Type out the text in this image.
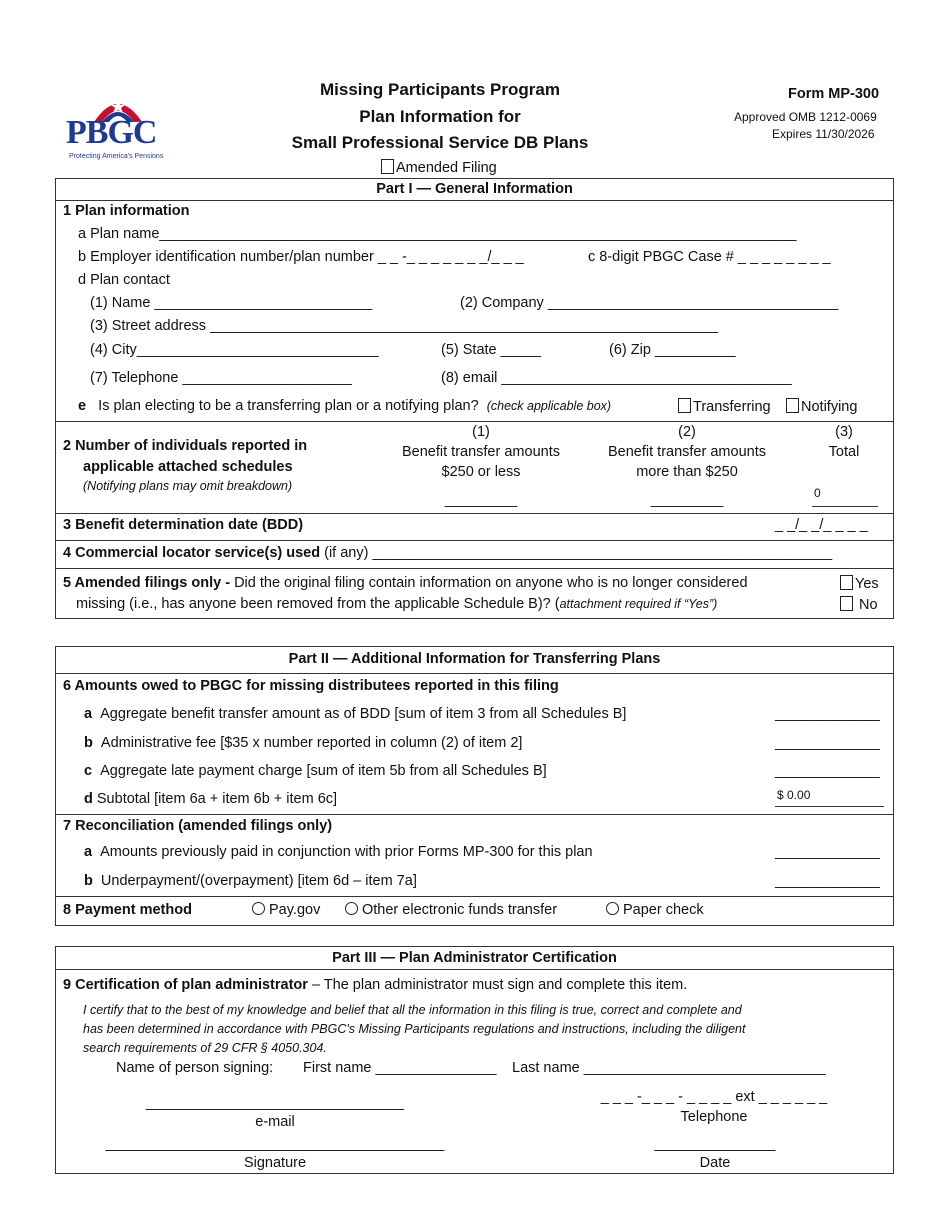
PBGC
Protecting America's Pensions
Missing Participants Program
Plan Information for
Small Professional Service DB Plans
Amended Filing
Form MP-300
Approved OMB 1212-0069
Expires 11/30/2026
Part I — General Information
1 Plan information
a Plan name_______________________________________________________________________________
b Employer identification number/plan number _ _ -_ _ _ _ _ _ _/_ _ _	c 8-digit PBGC Case # _ _ _ _ _ _ _ _
d Plan contact
(1) Name ___________________________	(2) Company ____________________________________
(3) Street address _______________________________________________________________
(4) City______________________________	(5) State _____	(6) Zip __________
(7) Telephone _____________________	(8) email ____________________________________
e Is plan electing to be a transferring plan or a notifying plan? (check applicable box)	Transferring	Notifying
2 Number of individuals reported in
applicable attached schedules
(Notifying plans may omit breakdown)
(1)
Benefit transfer amounts
$250 or less
_________
(2)
Benefit transfer amounts
more than $250
_________
(3)
Total
0
3 Benefit determination date (BDD)	_ _/_ _/_ _ _ _
4 Commercial locator service(s) used (if any) _________________________________________________________
5 Amended filings only - Did the original filing contain information on anyone who is no longer considered
missing (i.e., has anyone been removed from the applicable Schedule B)? (attachment required if “Yes”)
Yes
No
Part II — Additional Information for Transferring Plans
6 Amounts owed to PBGC for missing distributees reported in this filing
a Aggregate benefit transfer amount as of BDD [sum of item 3 from all Schedules B]	_____________
b Administrative fee [$35 x number reported in column (2) of item 2]	_____________
c Aggregate late payment charge [sum of item 5b from all Schedules B]	_____________
d Subtotal [item 6a + item 6b + item 6c]	$ 0.00
7 Reconciliation (amended filings only)
a Amounts previously paid in conjunction with prior Forms MP-300 for this plan	_____________
b Underpayment/(overpayment) [item 6d – item 7a]	_____________
8 Payment method	Pay.gov	Other electronic funds transfer	Paper check
Part III — Plan Administrator Certification
9 Certification of plan administrator – The plan administrator must sign and complete this item.
I certify that to the best of my knowledge and belief that all the information in this filing is true, correct and complete and
has been determined in accordance with PBGC's Missing Participants regulations and instructions, including the diligent
search requirements of 29 CFR § 4050.304.
Name of person signing: First name _______________ Last name ______________________________
________________________________
e-mail
_ _ _ -_ _ _ - _ _ _ _ ext _ _ _ _ _ _
Telephone
__________________________________________
Signature
_______________
Date
